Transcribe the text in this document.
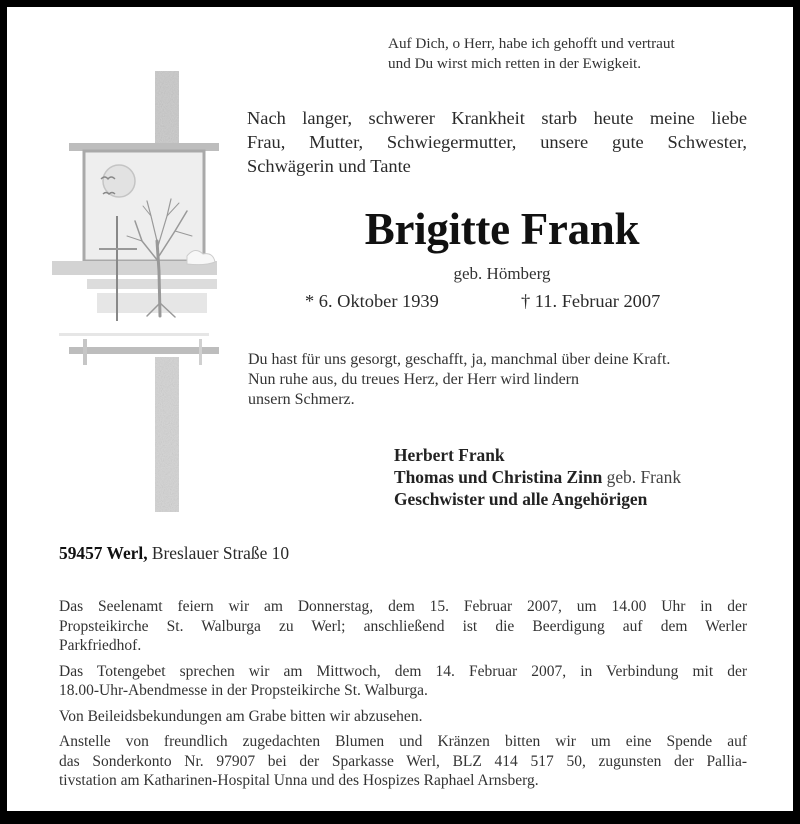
Auf Dich, o Herr, habe ich gehofft und vertraut
und Du wirst mich retten in der Ewigkeit.
Nach langer, schwerer Krankheit starb heute meine liebe
Frau, Mutter, Schwiegermutter, unsere gute Schwester,
Schwägerin und Tante
Brigitte Frank
geb. Hömberg
* 6. Oktober 1939	† 11. Februar 2007
Du hast für uns gesorgt, geschafft, ja, manchmal über deine Kraft.
Nun ruhe aus, du treues Herz, der Herr wird lindern
unsern Schmerz.
Herbert Frank
Thomas und Christina Zinn geb. Frank
Geschwister und alle Angehörigen
59457 Werl, Breslauer Straße 10

Das Seelenamt feiern wir am Donnerstag, dem 15. Februar 2007, um 14.00 Uhr in der
Propsteikirche St. Walburga zu Werl; anschließend ist die Beerdigung auf dem Werler
Parkfriedhof.

Das Totengebet sprechen wir am Mittwoch, dem 14. Februar 2007, in Verbindung mit der
18.00-Uhr-Abendmesse in der Propsteikirche St. Walburga.

Von Beileidsbekundungen am Grabe bitten wir abzusehen.

Anstelle von freundlich zugedachten Blumen und Kränzen bitten wir um eine Spende auf
das Sonderkonto Nr. 97907 bei der Sparkasse Werl, BLZ 414 517 50, zugunsten der Pallia-
tivstation am Katharinen-Hospital Unna und des Hospizes Raphael Arnsberg.
